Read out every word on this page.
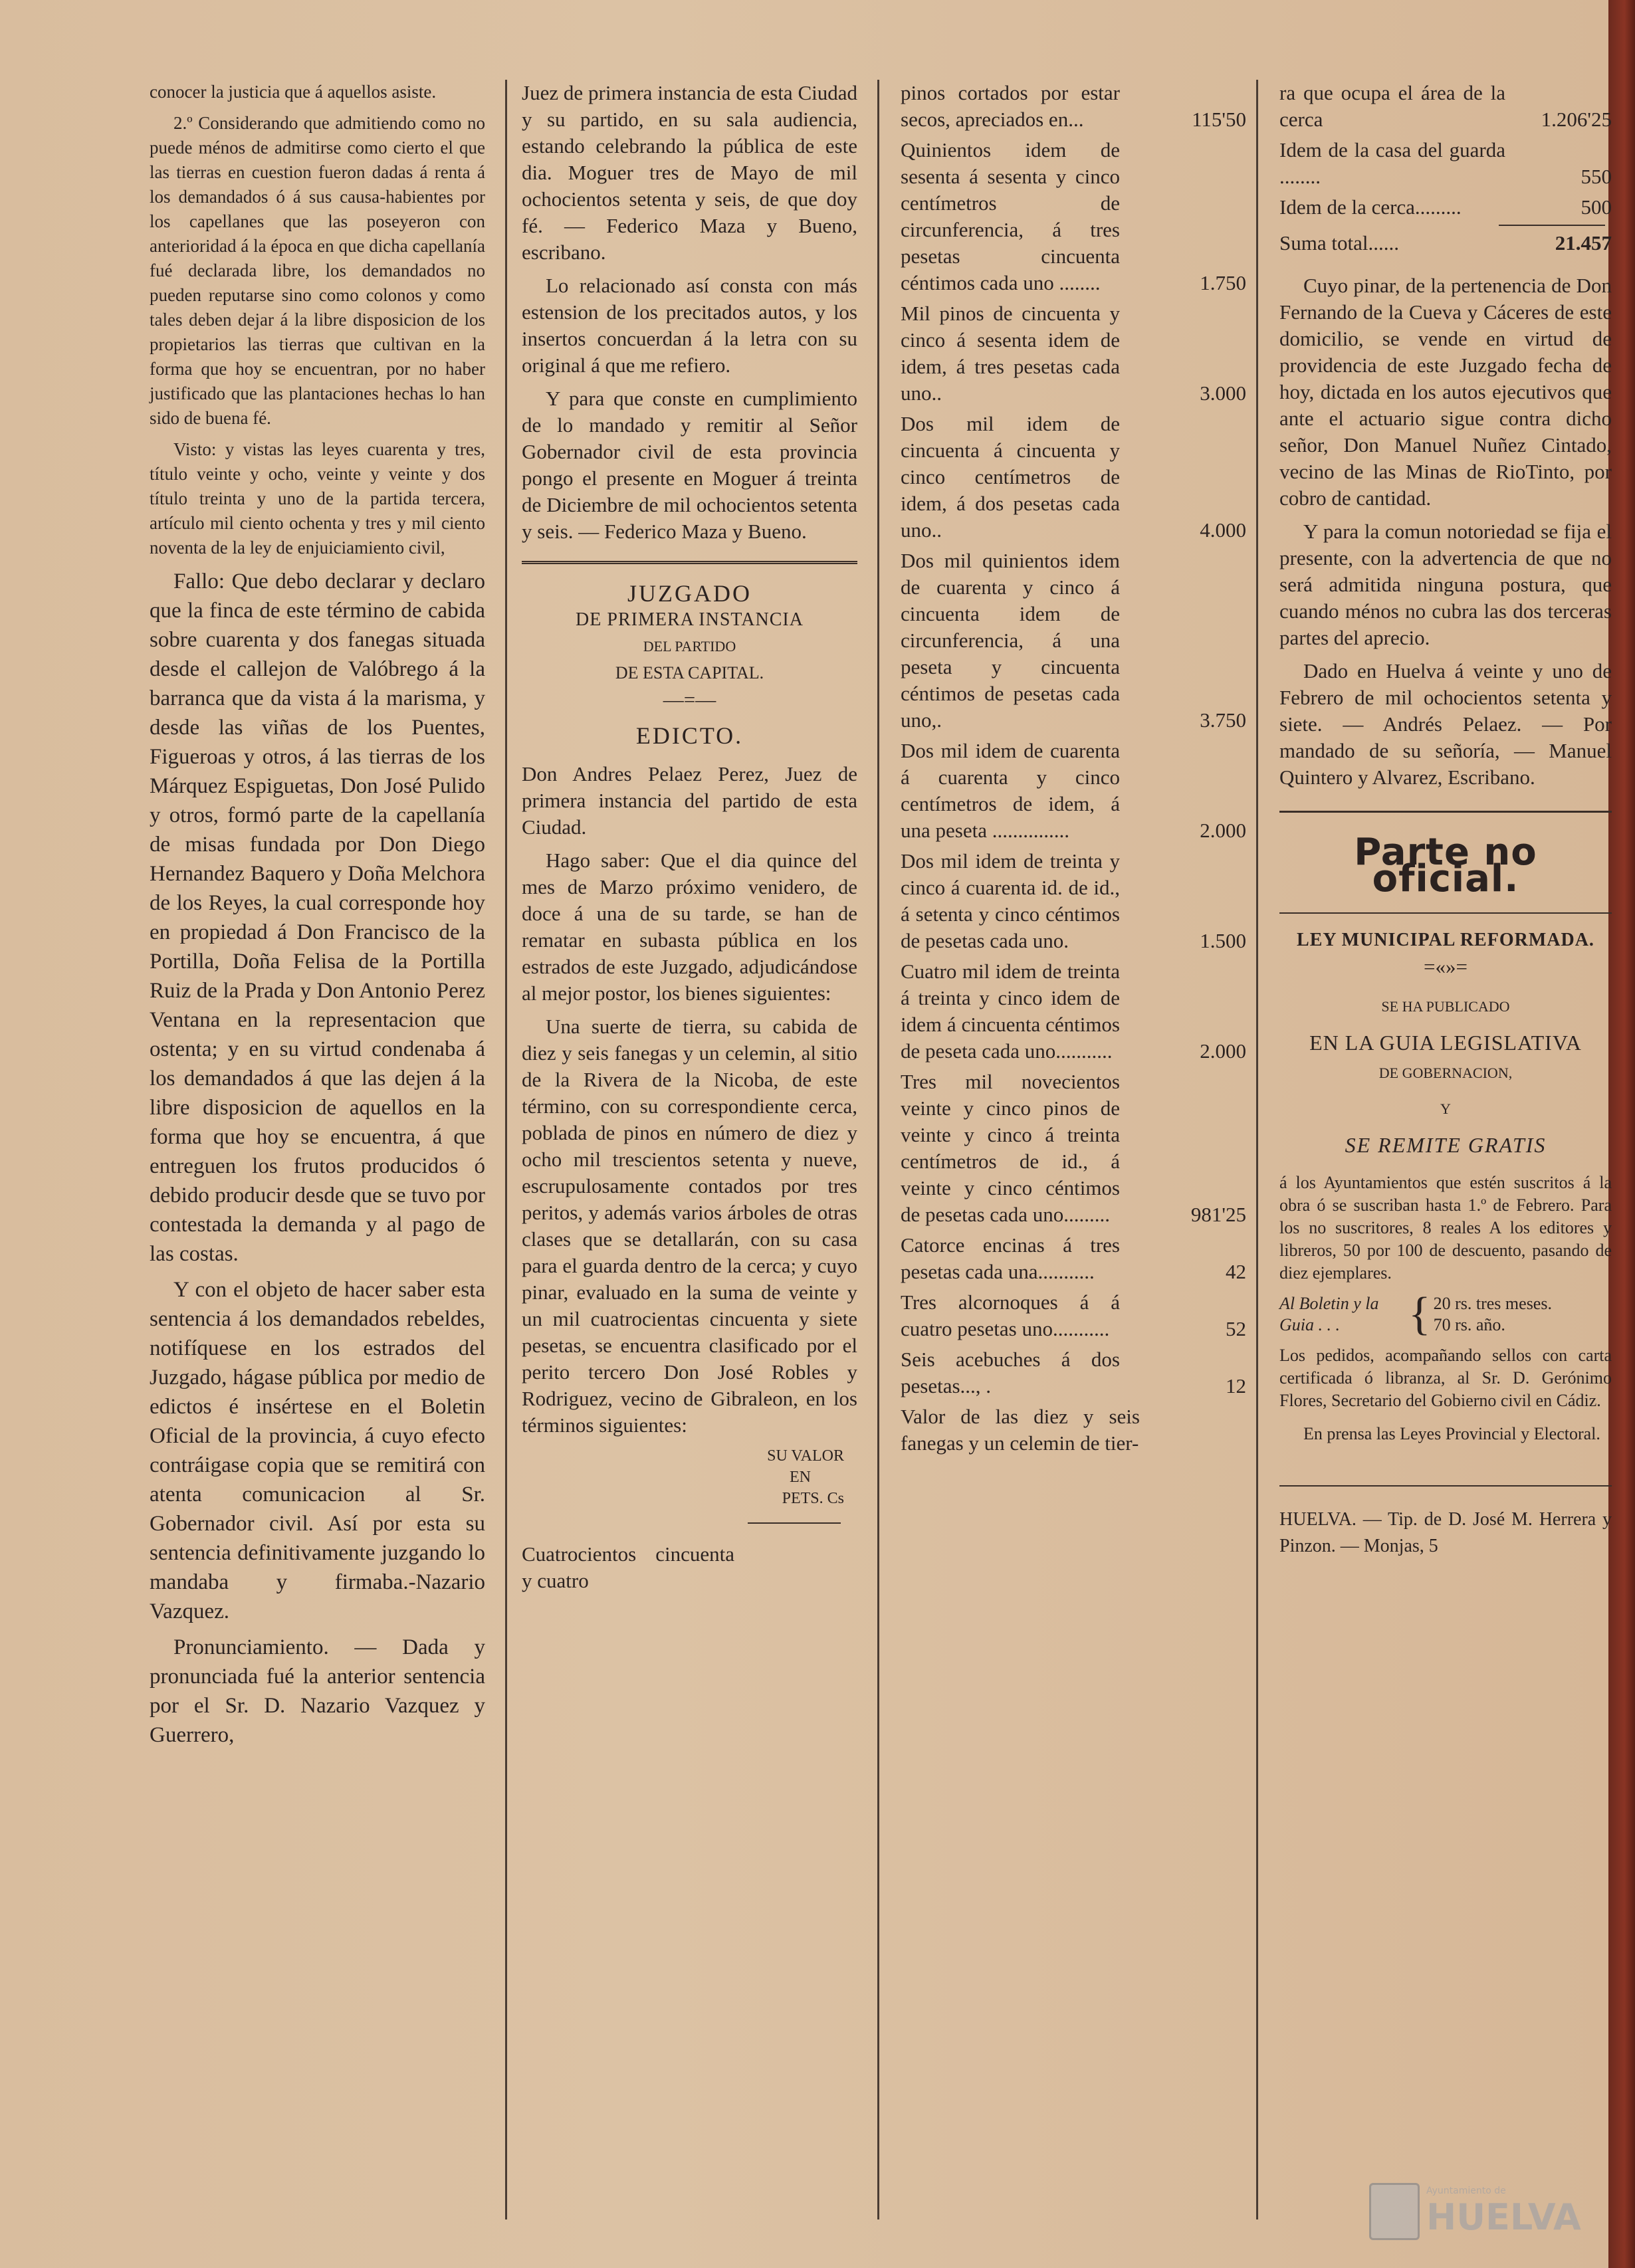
conocer la justicia que á aquellos asiste.

2.º Considerando que admitiendo como no puede ménos de admitirse como cierto el que las tierras en cuestion fueron dadas á renta á los demandados ó á sus causa-habientes por los capellanes que las poseyeron con anterioridad á la época en que dicha capellanía fué declarada libre, los demandados no pueden reputarse sino como colonos y como tales deben dejar á la libre disposicion de los propietarios las tierras que cultivan en la forma que hoy se encuentran, por no haber justificado que las plantaciones hechas lo han sido de buena fé.

Visto: y vistas las leyes cuarenta y tres, título veinte y ocho, veinte y veinte y dos título treinta y uno de la partida tercera, artículo mil ciento ochenta y tres y mil ciento noventa de la ley de enjuiciamiento civil,

Fallo: Que debo declarar y declaro que la finca de este término de cabida sobre cuarenta y dos fanegas situada desde el callejon de Valóbrego á la barranca que da vista á la marisma, y desde las viñas de los Puentes, Figueroas y otros, á las tierras de los Márquez Espiguetas, Don José Pulido y otros, formó parte de la capellanía de misas fundada por Don Diego Hernandez Baquero y Doña Melchora de los Reyes, la cual corresponde hoy en propiedad á Don Francisco de la Portilla, Doña Felisa de la Portilla Ruiz de la Prada y Don Antonio Perez Ventana en la representacion que ostenta; y en su virtud condenaba á los demandados á que las dejen á la libre disposicion de aquellos en la forma que hoy se encuentra, á que entreguen los frutos producidos ó debido producir desde que se tuvo por contestada la demanda y al pago de las costas.

Y con el objeto de hacer saber esta sentencia á los demandados rebeldes, notifíquese en los estrados del Juzgado, hágase pública por medio de edictos é insértese en el Boletin Oficial de la provincia, á cuyo efecto contráigase copia que se remitirá con atenta comunicacion al Sr. Gobernador civil. Así por esta su sentencia definitivamente juzgando lo mandaba y firmaba.-Nazario Vazquez.

Pronunciamiento. — Dada y pronunciada fué la anterior sentencia por el Sr. D. Nazario Vazquez y Guerrero,

Juez de primera instancia de esta Ciudad y su partido, en su sala audiencia, estando celebrando la pública de este dia. Moguer tres de Mayo de mil ochocientos setenta y seis, de que doy fé. — Federico Maza y Bueno, escribano.

Lo relacionado así consta con más estension de los precitados autos, y los insertos concuerdan á la letra con su original á que me refiero.

Y para que conste en cumplimiento de lo mandado y remitir al Señor Gobernador civil de esta provincia pongo el presente en Moguer á treinta de Diciembre de mil ochocientos setenta y seis. — Federico Maza y Bueno.

JUZGADO
DE PRIMERA INSTANCIA
DEL PARTIDO
DE ESTA CAPITAL.
—=—
EDICTO.

Don Andres Pelaez Perez, Juez de primera instancia del partido de esta Ciudad.

Hago saber: Que el dia quince del mes de Marzo próximo venidero, de doce á una de su tarde, se han de rematar en subasta pública en los estrados de este Juzgado, adjudicándose al mejor postor, los bienes siguientes:

Una suerte de tierra, su cabida de diez y seis fanegas y un celemin, al sitio de la Rivera de la Nicoba, de este término, con su correspondiente cerca, poblada de pinos en número de diez y ocho mil trescientos setenta y nueve, escrupulosamente contados por tres peritos, y además varios árboles de otras clases que se detallarán, con su casa para el guarda dentro de la cerca; y cuyo pinar, evaluado en la suma de veinte y un mil cuatrocientas cincuenta y siete pesetas, se encuentra clasificado por el perito tercero Don José Robles y Rodriguez, vecino de Gibraleon, en los términos siguientes:

SU VALOR
EN
PETS. Cs

Cuatrocientos cincuenta y cuatro

pinos cortados por estar secos, apreciados en...	115'50
Quinientos idem de sesenta á sesenta y cinco centímetros de circunferencia, á tres pesetas cincuenta céntimos cada uno ........	1.750
Mil pinos de cincuenta y cinco á sesenta idem de idem, á tres pesetas cada uno..	3.000
Dos mil idem de cincuenta á cincuenta y cinco centímetros de idem, á dos pesetas cada uno..	4.000
Dos mil quinientos idem de cuarenta y cinco á cincuenta idem de circunferencia, á una peseta y cincuenta céntimos de pesetas cada uno,.	3.750
Dos mil idem de cuarenta á cuarenta y cinco centímetros de idem, á una peseta ...............	2.000
Dos mil idem de treinta y cinco á cuarenta id. de id., á setenta y cinco céntimos de pesetas cada uno.	1.500
Cuatro mil idem de treinta á treinta y cinco idem de idem á cincuenta céntimos de peseta cada uno...........	2.000
Tres mil novecientos veinte y cinco pinos de veinte y cinco á treinta centímetros de id., á veinte y cinco céntimos de pesetas cada uno.........	981'25
Catorce encinas á tres pesetas cada una...........	42
Tres alcornoques á á cuatro pesetas uno...........	52
Seis acebuches á dos pesetas..., .	12

Valor de las diez y seis fanegas y un celemin de tier-

ra que ocupa el área de la cerca	1.206'25
Idem de la casa del guarda ........	550
Idem de la cerca.........	500
Suma total......	21.457

Cuyo pinar, de la pertenencia de Don Fernando de la Cueva y Cáceres de este domicilio, se vende en virtud de providencia de este Juzgado fecha de hoy, dictada en los autos ejecutivos que ante el actuario sigue contra dicho señor, Don Manuel Nuñez Cintado, vecino de las Minas de RioTinto, por cobro de cantidad.

Y para la comun notoriedad se fija el presente, con la advertencia de que no será admitida ninguna postura, que cuando ménos no cubra las dos terceras partes del aprecio.

Dado en Huelva á veinte y uno de Febrero de mil ochocientos setenta y siete. — Andrés Pelaez. — Por mandado de su señoría, — Manuel Quintero y Alvarez, Escribano.

Parte no oficial.
LEY MUNICIPAL REFORMADA.
=«»=
SE HA PUBLICADO
EN LA GUIA LEGISLATIVA
DE GOBERNACION,
Y
SE REMITE GRATIS

á los Ayuntamientos que estén suscritos á la obra ó se suscriban hasta 1.º de Febrero. Para los no suscritores, 8 reales A los editores y libreros, 50 por 100 de descuento, pasando de diez ejemplares.

Al Boletin y la
Guia . . .	{ 20 rs. tres meses.
70 rs. año.

Los pedidos, acompañando sellos con carta certificada ó libranza, al Sr. D. Gerónimo Flores, Secretario del Gobierno civil en Cádiz.

En prensa las Leyes Provincial y Electoral.

HUELVA. — Tip. de D. José M. Herrera y Pinzon. — Monjas, 5

Ayuntamiento de
HUELVA
